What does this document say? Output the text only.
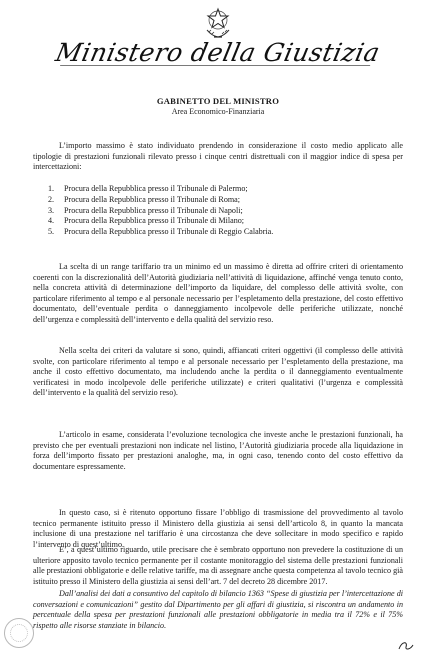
Ministero della Giustizia
GABINETTO DEL MINISTRO
Area Economico-Finanziaria
L’importo massimo è stato individuato prendendo in considerazione il costo medio applicato alle tipologie di prestazioni funzionali rilevato presso i cinque centri distrettuali con il maggior indice di spesa per intercettazioni:
1. Procura della Repubblica presso il Tribunale di Palermo;
2. Procura della Repubblica presso il Tribunale di Roma;
3. Procura della Repubblica presso il Tribunale di Napoli;
4. Procura della Repubblica presso il Tribunale di Milano;
5. Procura della Repubblica presso il Tribunale di Reggio Calabria.
La scelta di un range tariffario tra un minimo ed un massimo è diretta ad offrire criteri di orientamento coerenti con la discrezionalità dell’Autorità giudiziaria nell’attività di liquidazione, affinché venga tenuto conto, nella concreta attività di determinazione dell’importo da liquidare, del complesso delle attività svolte, con particolare riferimento al tempo e al personale necessario per l’espletamento della prestazione, del costo effettivo documentato, dell’eventuale perdita o danneggiamento incolpevole delle periferiche utilizzate, nonché dell’urgenza e complessità dell’intervento e della qualità del servizio reso.
Nella scelta dei criteri da valutare si sono, quindi, affiancati criteri oggettivi (il complesso delle attività svolte, con particolare riferimento al tempo e al personale necessario per l’espletamento della prestazione, ma anche il costo effettivo documentato, ma includendo anche la perdita o il danneggiamento eventualmente verificatesi in modo incolpevole delle periferiche utilizzate) e criteri qualitativi (l’urgenza e complessità dell’intervento e la qualità del servizio reso).
L’articolo in esame, considerata l’evoluzione tecnologica che investe anche le prestazioni funzionali, ha previsto che per eventuali prestazioni non indicate nel listino, l’Autorità giudiziaria procede alla liquidazione in forza dell’importo fissato per prestazioni analoghe, ma, in ogni caso, tenendo conto del costo effettivo da documentare espressamente.
In questo caso, si è ritenuto opportuno fissare l’obbligo di trasmissione del provvedimento al tavolo tecnico permanente istituito presso il Ministero della giustizia ai sensi dell’articolo 8, in quanto la mancata inclusione di una prestazione nel tariffario è una circostanza che deve sollecitare in modo specifico e rapido l’intervento di quest’ultimo.
E’, a quest’ultimo riguardo, utile precisare che è sembrato opportuno non prevedere la costituzione di un ulteriore apposito tavolo tecnico permanente per il costante monitoraggio del sistema delle prestazioni funzionali alle prestazioni obbligatorie e delle relative tariffe, ma di assegnare anche questa competenza al tavolo tecnico già istituito presso il Ministero della giustizia ai sensi dell’art. 7 del decreto 28 dicembre 2017.
Dall’analisi dei dati a consuntivo del capitolo di bilancio 1363 “Spese di giustizia per l’intercettazione di conversazioni e comunicazioni” gestito dal Dipartimento per gli affari di giustizia, si riscontra un andamento in percentuale della spesa per prestazioni funzionali alle prestazioni obbligatorie in media tra il 72% e il 75% rispetto alle risorse stanziate in bilancio.
